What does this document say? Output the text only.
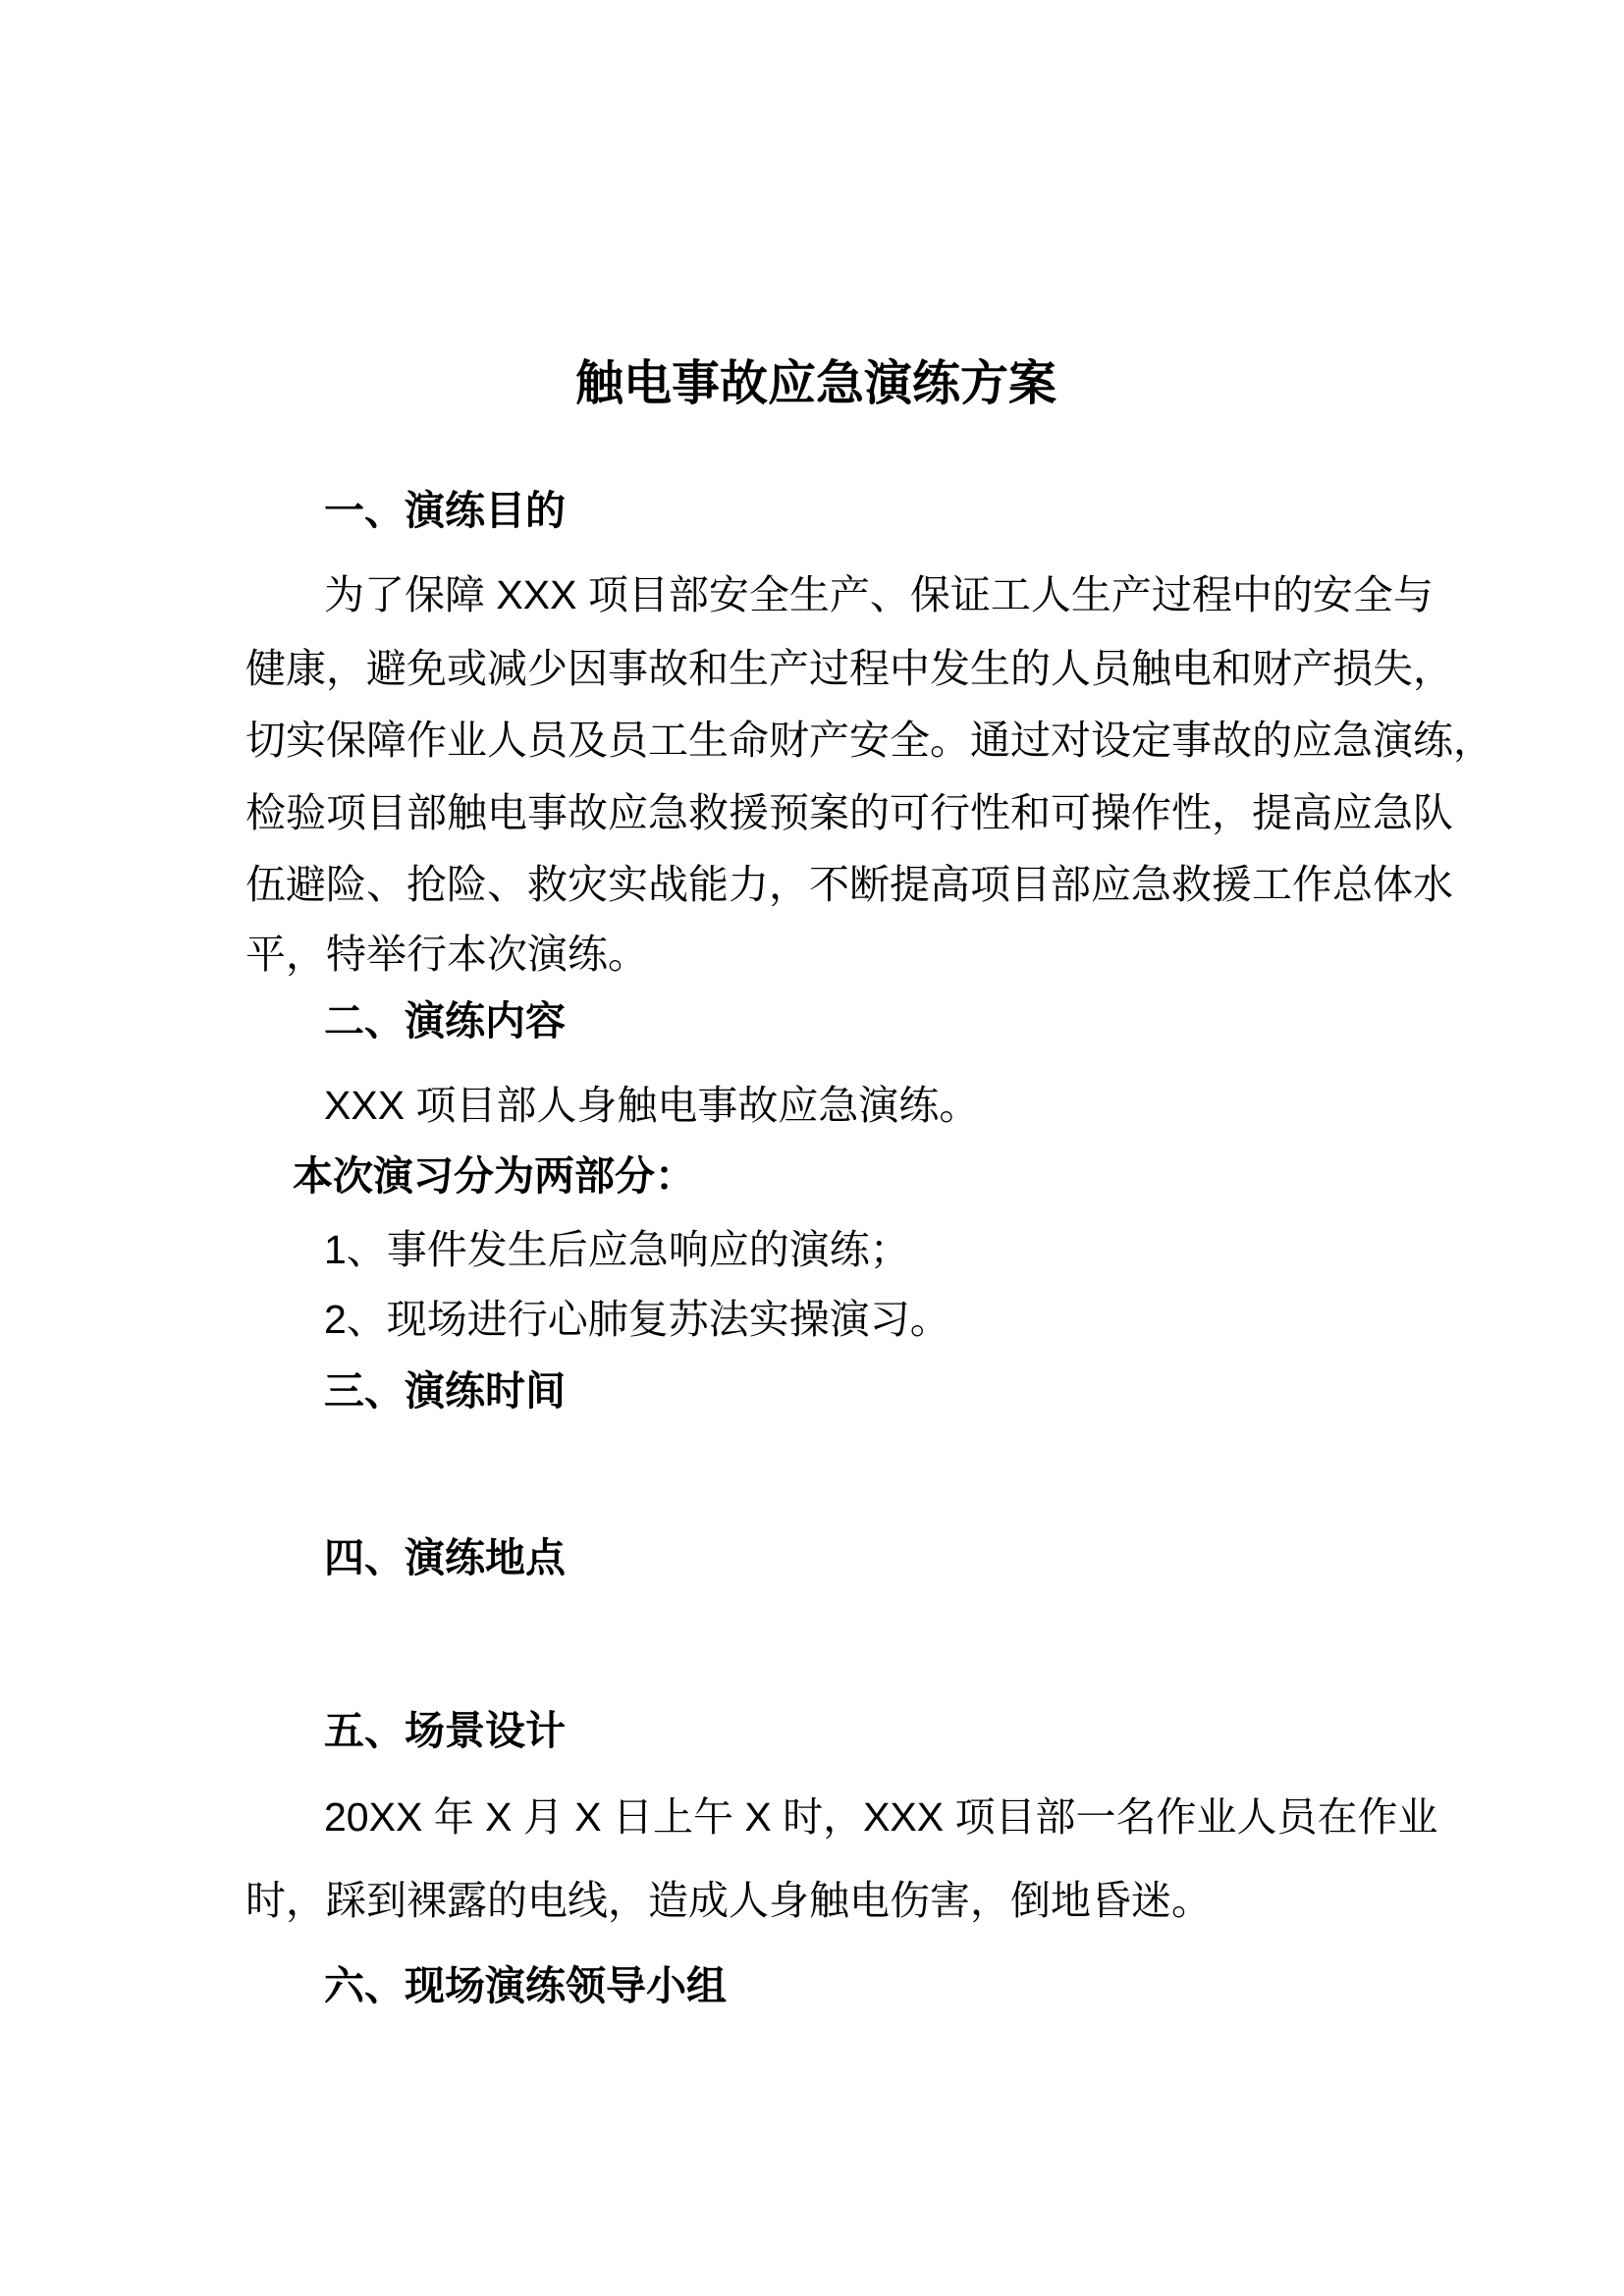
触电事故应急演练方案
一、演练目的
为了保障 XXX 项目部安全生产、保证工人生产过程中的安全与
健康，避免或减少因事故和生产过程中发生的人员触电和财产损失，
切实保障作业人员及员工生命财产安全。通过对设定事故的应急演练，
检验项目部触电事故应急救援预案的可行性和可操作性，提高应急队
伍避险、抢险、救灾实战能力，不断提高项目部应急救援工作总体水
平，特举行本次演练。
二、演练内容
XXX 项目部人身触电事故应急演练。
本次演习分为两部分：
1、事件发生后应急响应的演练；
2、现场进行心肺复苏法实操演习。
三、演练时间
四、演练地点
五、场景设计
20XX 年 X 月 X 日上午 X 时，XXX 项目部一名作业人员在作业
时，踩到裸露的电线，造成人身触电伤害，倒地昏迷。
六、现场演练领导小组
